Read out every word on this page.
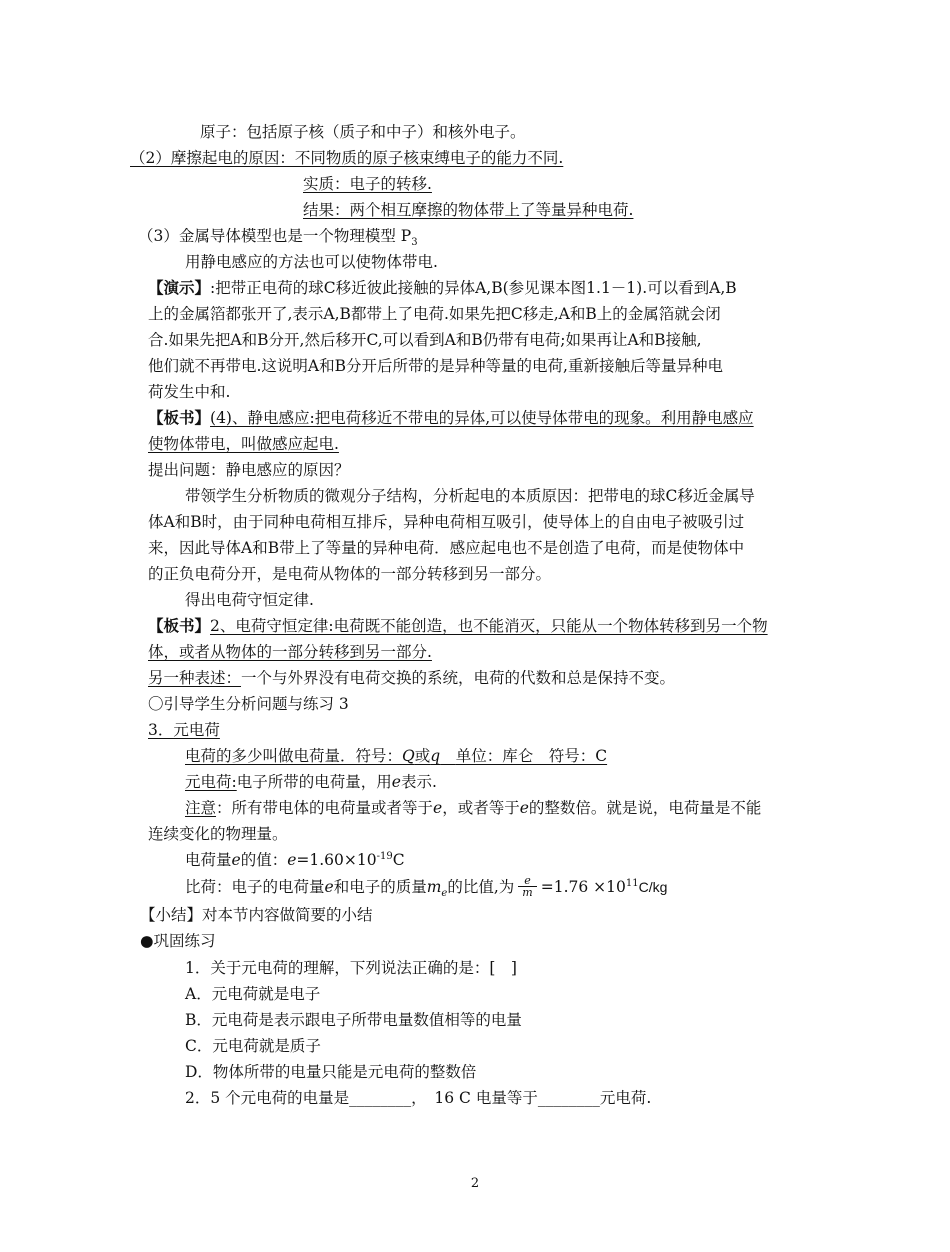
原子：包括原子核（质子和中子）和核外电子。
（2）摩擦起电的原因：不同物质的原子核束缚电子的能力不同.
实质：电子的转移.
结果：两个相互摩擦的物体带上了等量异种电荷.
（3）金属导体模型也是一个物理模型 $P_3$
用静电感应的方法也可以使物体带电.
【演示】:把带正电荷的球C移近彼此接触的异体A,B(参见课本图1.1－1).可以看到A,B
上的金属箔都张开了,表示A,B都带上了电荷.如果先把C移走,A和B上的金属箔就会闭
合.如果先把A和B分开,然后移开C,可以看到A和B仍带有电荷;如果再让A和B接触,
他们就不再带电.这说明A和B分开后所带的是异种等量的电荷,重新接触后等量异种电
荷发生中和.
【板书】(4)、静电感应:把电荷移近不带电的异体,可以使导体带电的现象。利用静电感应
使物体带电，叫做感应起电.
提出问题：静电感应的原因？
带领学生分析物质的微观分子结构，分析起电的本质原因：把带电的球C移近金属导
体A和B时，由于同种电荷相互排斥，异种电荷相互吸引，使导体上的自由电子被吸引过
来，因此导体A和B带上了等量的异种电荷．感应起电也不是创造了电荷，而是使物体中
的正负电荷分开，是电荷从物体的一部分转移到另一部分。
得出电荷守恒定律.
【板书】2、电荷守恒定律:电荷既不能创造，也不能消灭，只能从一个物体转移到另一个物
体，或者从物体的一部分转移到另一部分.
另一种表述：一个与外界没有电荷交换的系统，电荷的代数和总是保持不变。
〇引导学生分析问题与练习 3
3．元电荷
电荷的多少叫做电荷量．符号：Q或q　 单位：库仑　符号：C
元电荷:电子所带的电荷量，用e表示.
注意：所有带电体的电荷量或者等于e，或者等于e的整数倍。就是说，电荷量是不能
连续变化的物理量。
电荷量e的值：$e=1.60\times 10^{-19}C$
比荷：电子的电荷量e和电子的质量$m_e$的比值,为 $\frac{e}{m} =1.76 \times 10^{11}C/kg$
【小结】对本节内容做简要的小结
●巩固练习
1．关于元电荷的理解，下列说法正确的是：[　]
A．元电荷就是电子
B．元电荷是表示跟电子所带电量数值相等的电量
C．元电荷就是质子
D．物体所带的电量只能是元电荷的整数倍
2．5 个元电荷的电量是________，　16 C 电量等于________元电荷.
2
